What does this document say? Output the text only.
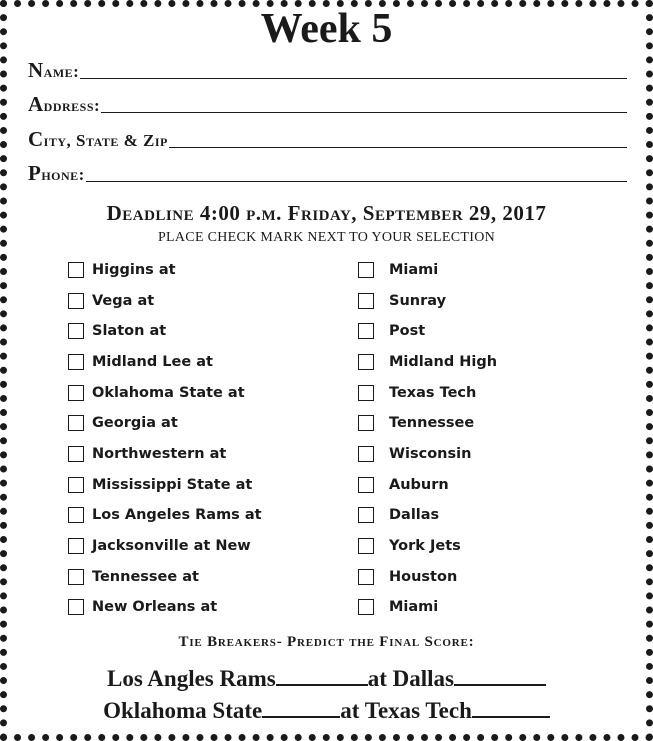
Week 5
Name:
Address:
City, State & Zip
Phone:
Deadline 4:00 p.m. Friday, September 29, 2017
PLACE CHECK MARK NEXT TO YOUR SELECTION
Higgins at	Miami
Vega at	Sunray
Slaton at	Post
Midland Lee at	Midland High
Oklahoma State at	Texas Tech
Georgia at	Tennessee
Northwestern at	Wisconsin
Mississippi State at	Auburn
Los Angeles Rams at	Dallas
Jacksonville at New	York Jets
Tennessee at	Houston
New Orleans at	Miami
Tie Breakers- Predict the Final Score:
Los Angles Rams	at Dallas
Oklahoma State	at Texas Tech
